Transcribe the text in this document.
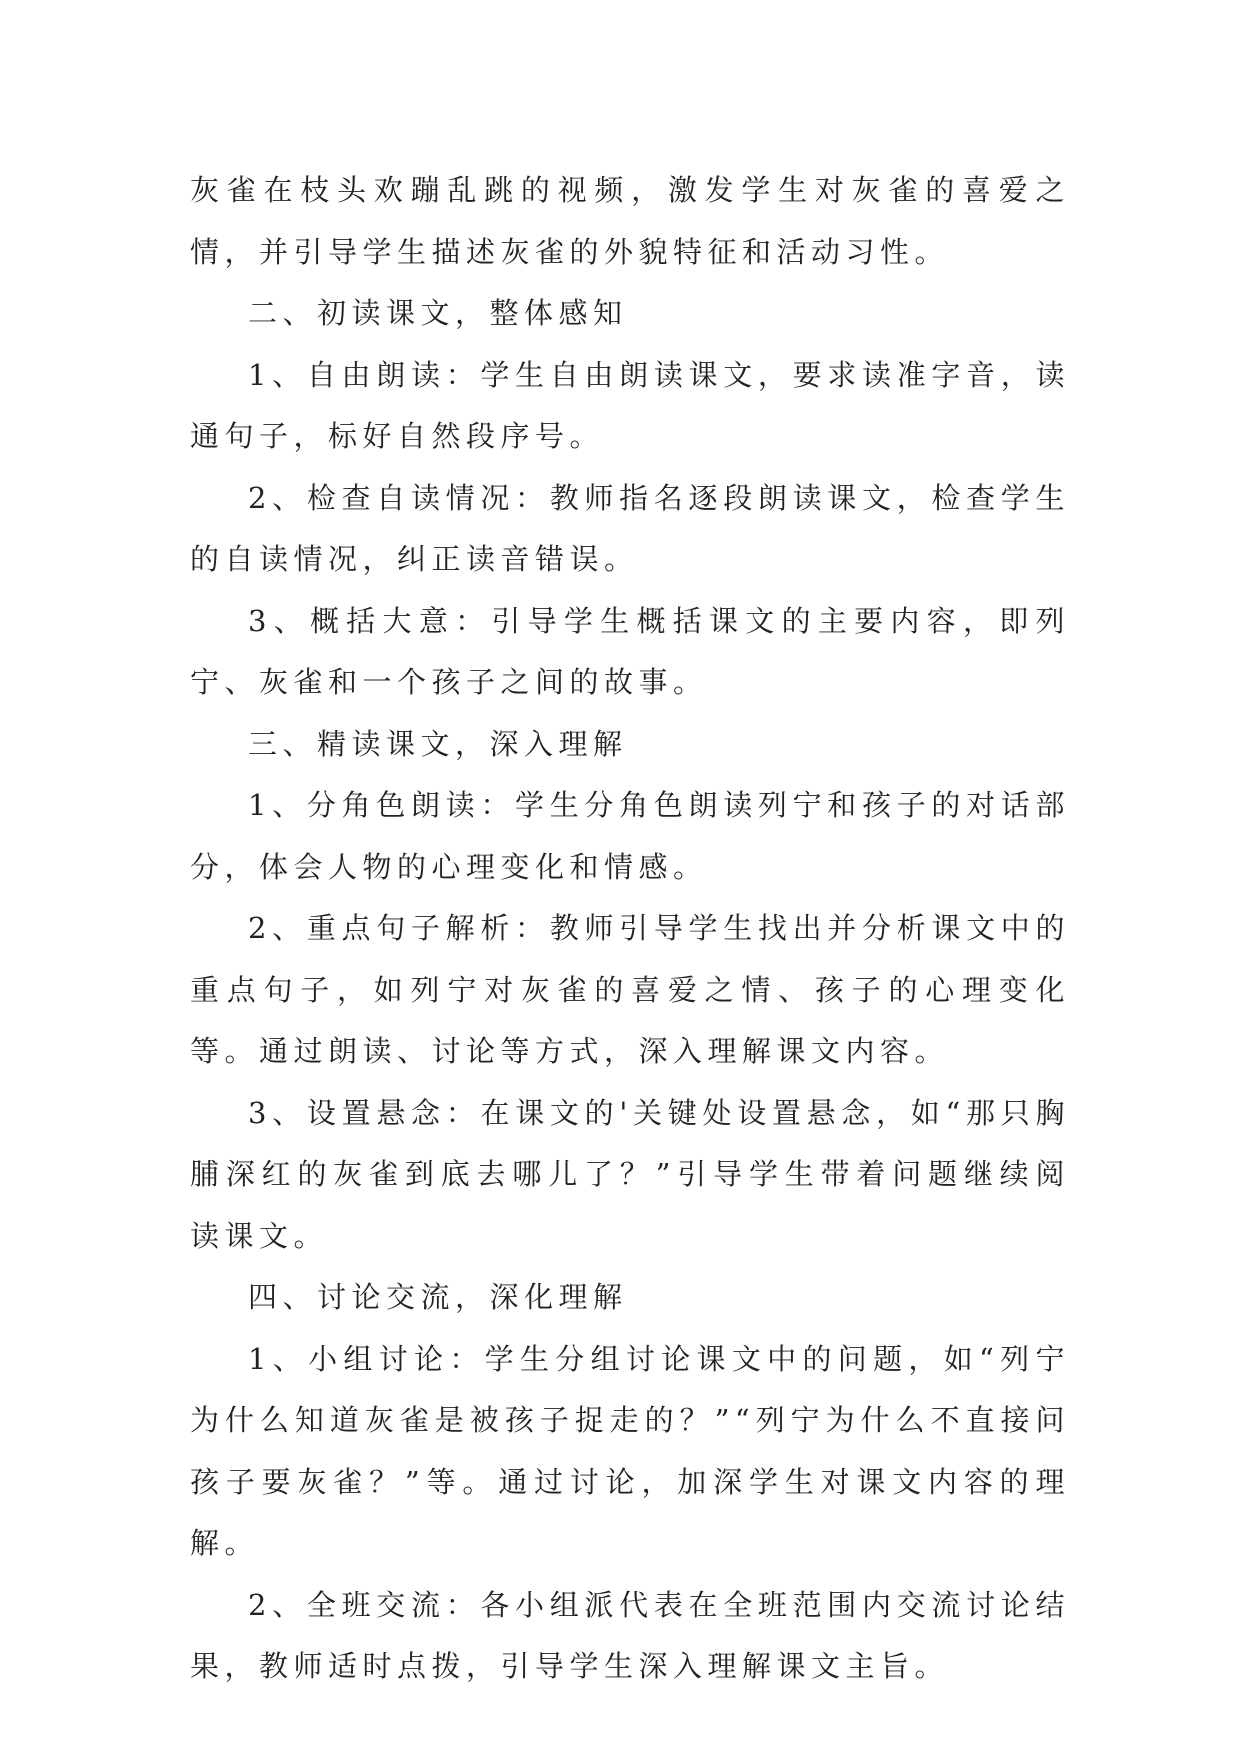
灰雀在枝头欢蹦乱跳的视频，激发学生对灰雀的喜爱之情，并引导学生描述灰雀的外貌特征和活动习性。

二、初读课文，整体感知

1、自由朗读：学生自由朗读课文，要求读准字音，读通句子，标好自然段序号。

2、检查自读情况：教师指名逐段朗读课文，检查学生的自读情况，纠正读音错误。

3、概括大意：引导学生概括课文的主要内容，即列宁、灰雀和一个孩子之间的故事。

三、精读课文，深入理解

1、分角色朗读：学生分角色朗读列宁和孩子的对话部分，体会人物的心理变化和情感。

2、重点句子解析：教师引导学生找出并分析课文中的重点句子，如列宁对灰雀的喜爱之情、孩子的心理变化等。通过朗读、讨论等方式，深入理解课文内容。

3、设置悬念：在课文的'关键处设置悬念，如“那只胸脯深红的灰雀到底去哪儿了？”引导学生带着问题继续阅读课文。

四、讨论交流，深化理解

1、小组讨论：学生分组讨论课文中的问题，如“列宁为什么知道灰雀是被孩子捉走的？”“列宁为什么不直接问孩子要灰雀？”等。通过讨论，加深学生对课文内容的理解。

2、全班交流：各小组派代表在全班范围内交流讨论结果，教师适时点拨，引导学生深入理解课文主旨。
